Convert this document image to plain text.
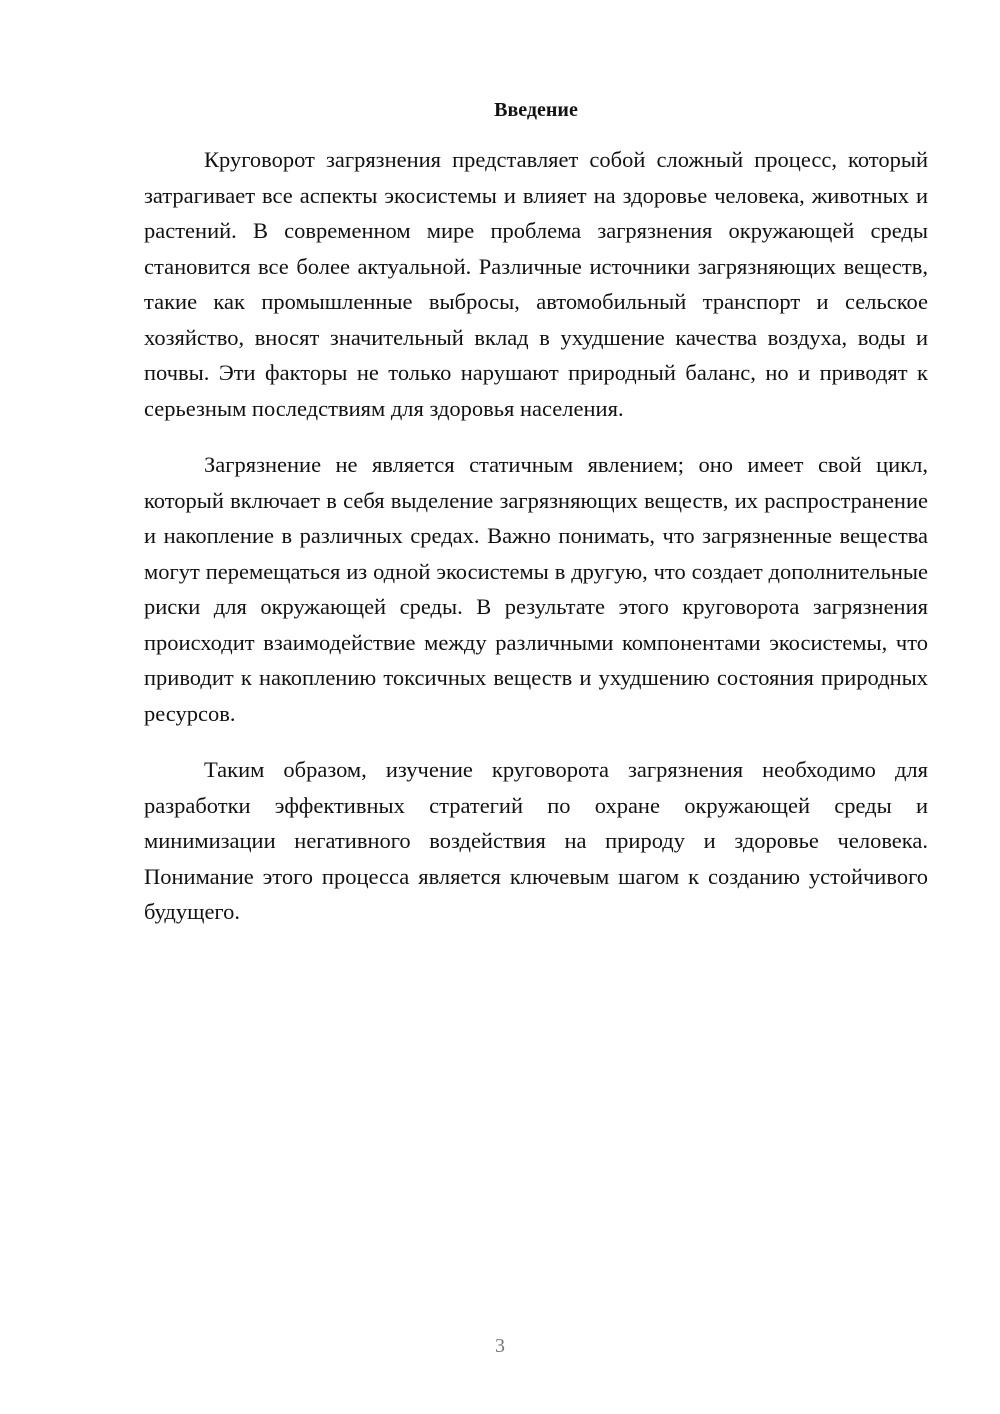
Введение

Круговорот загрязнения представляет собой сложный процесс, который затрагивает все аспекты экосистемы и влияет на здоровье человека, животных и растений. В современном мире проблема загрязнения окружающей среды становится все более актуальной. Различные источники загрязняющих веществ, такие как промышленные выбросы, автомобильный транспорт и сельское хозяйство, вносят значительный вклад в ухудшение качества воздуха, воды и почвы. Эти факторы не только нарушают природный баланс, но и приводят к серьезным последствиям для здоровья населения.

Загрязнение не является статичным явлением; оно имеет свой цикл, который включает в себя выделение загрязняющих веществ, их распространение и накопление в различных средах. Важно понимать, что загрязненные вещества могут перемещаться из одной экосистемы в другую, что создает дополнительные риски для окружающей среды. В результате этого круговорота загрязнения происходит взаимодействие между различными компонентами экосистемы, что приводит к накоплению токсичных веществ и ухудшению состояния природных ресурсов.

Таким образом, изучение круговорота загрязнения необходимо для разработки эффективных стратегий по охране окружающей среды и минимизации негативного воздействия на природу и здоровье человека. Понимание этого процесса является ключевым шагом к созданию устойчивого будущего.

3
